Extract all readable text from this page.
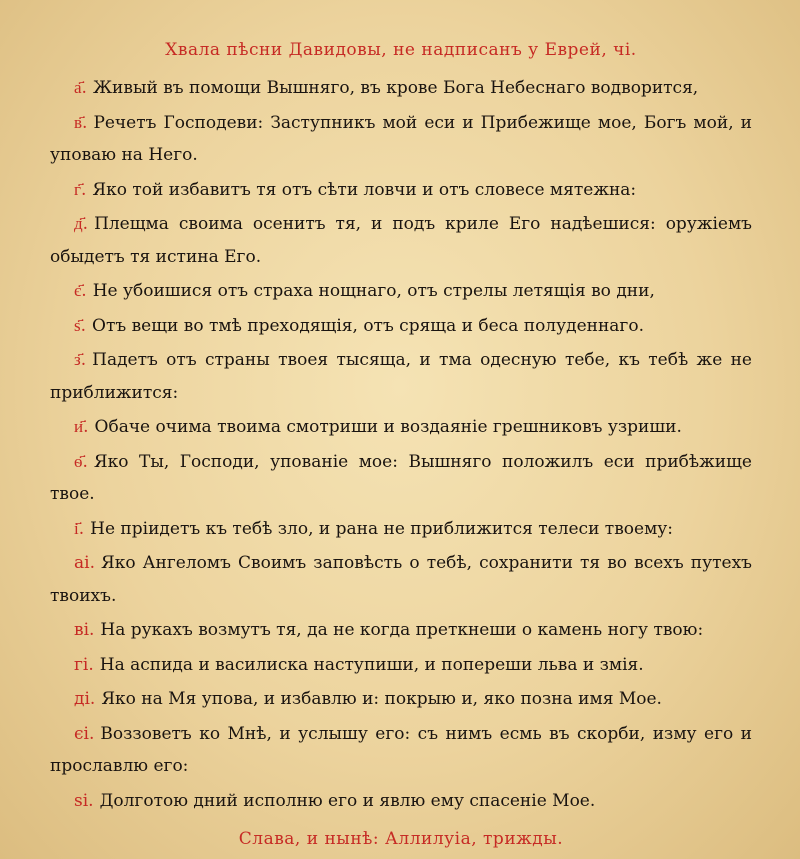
Хвала пѣсни Давидовы, не надписанъ у Еврей, чі.

а҃. Живый въ помощи Вышняго, въ крове Бога Небеснаго водворится,

в҃. Речетъ Господеви: Заступникъ мой еси и Прибежище мое, Богъ мой, и уповаю на Него.

г҃. Яко той избавитъ тя отъ сѣти ловчи и отъ словесе мятежна:

д҃. Плещма своима осенитъ тя, и подъ криле Его надѣешися: оружiемъ обыдетъ тя истина Его.

є҃. Не убоишися отъ страха нощнаго, отъ стрелы летящiя во дни,

ѕ҃. Отъ вещи во тмѣ преходящiя, отъ сряща и беса полуденнаго.

з҃. Падетъ отъ страны твоея тысяща, и тма одесную тебе, къ тебѣ же не приближится:

и҃. Обаче очима твоима смотриши и воздаянiе грешниковъ узриши.

ѳ҃. Яко Ты, Господи, упованiе мое: Вышняго положилъ еси прибѣжище твое.

і҃. Не прiидетъ къ тебѣ зло, и рана не приближится телеси твоему:

аі. Яко Ангеломъ Своимъ заповѣсть о тебѣ, сохранити тя во всехъ путехъ твоихъ.

ві. На рукахъ возмутъ тя, да не когда преткнеши о камень ногу твою:

гі. На аспида и василиска наступиши, и попереши льва и змiя.

дi. Яко на Мя упова, и избавлю и: покрыю и, яко позна имя Мое.

єі. Воззоветъ ко Мнѣ, и услышу его: съ нимъ есмь въ скорби, изму его и прославлю его:

ѕі. Долготою дний исполню его и явлю ему спасенiе Мое.

Слава, и нынѣ: Аллилуiа, трижды.
